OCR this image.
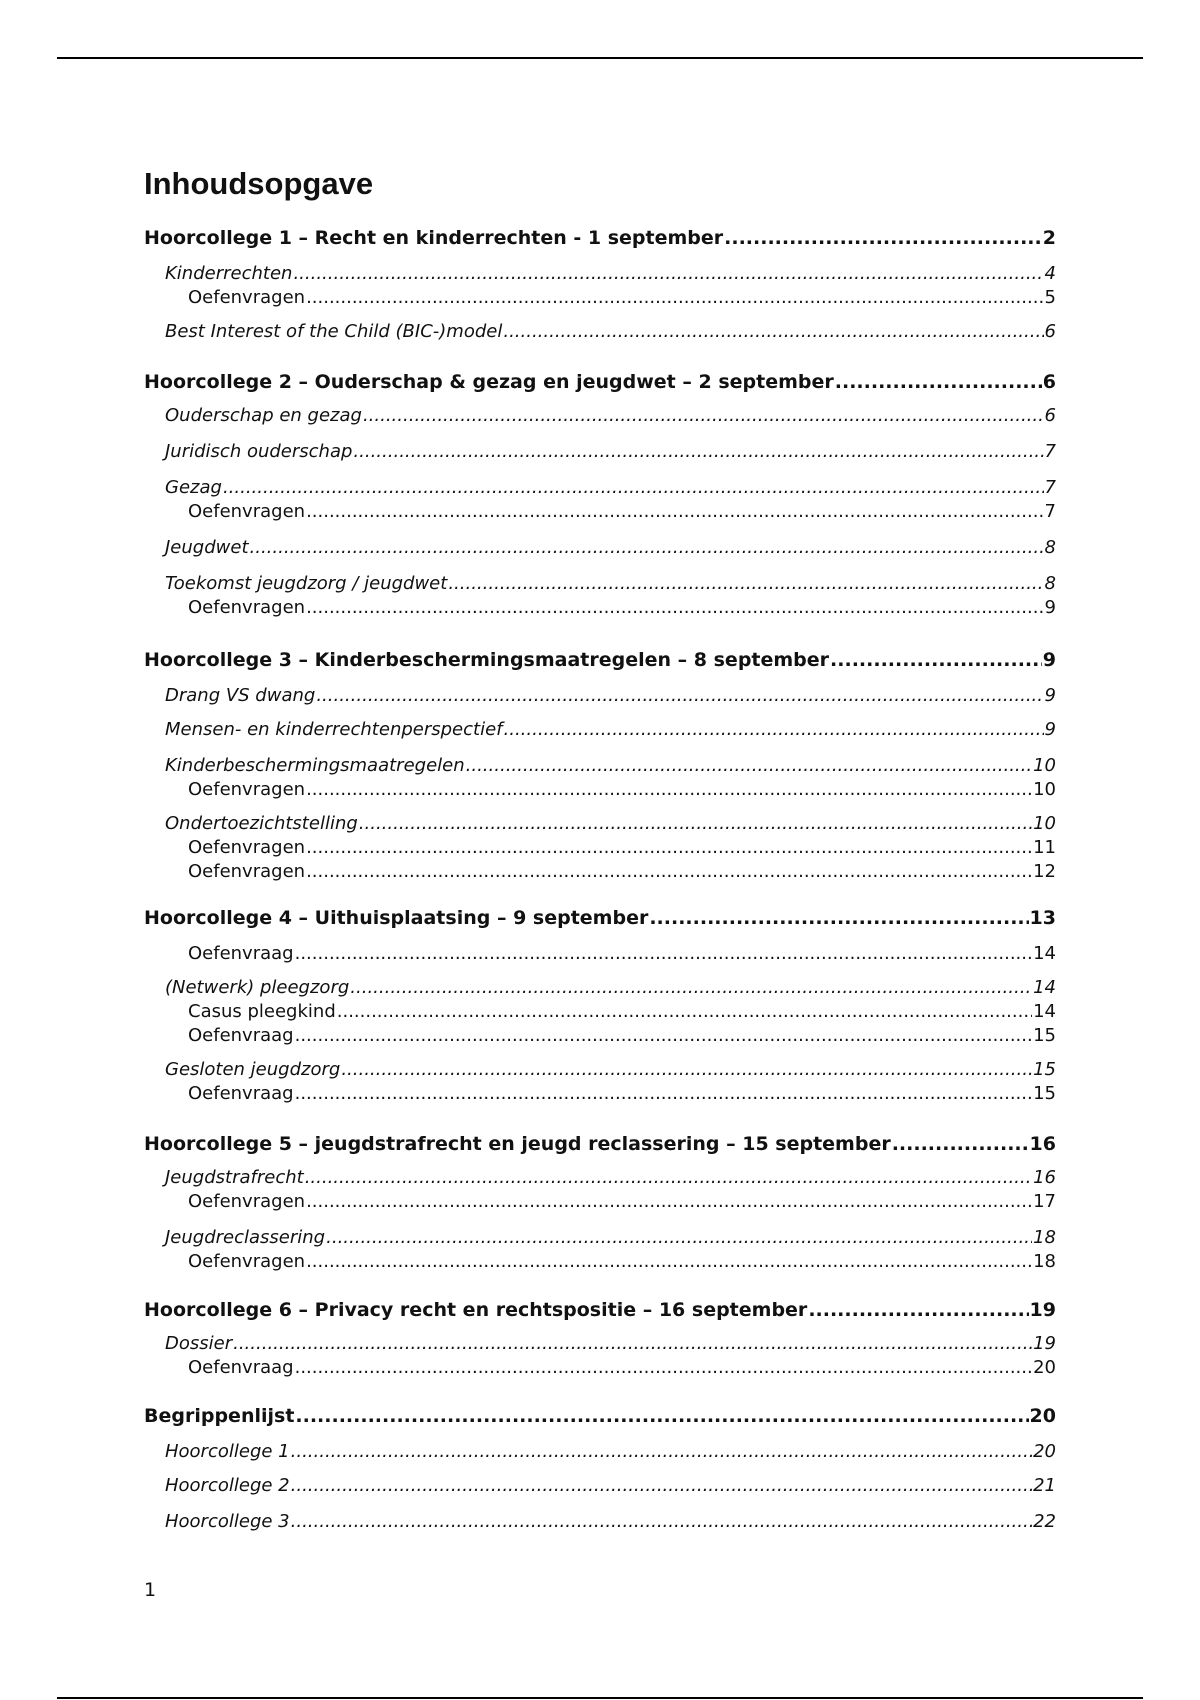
Inhoudsopgave
Hoorcollege 1 – Recht en kinderrechten - 1 september .....	2
Kinderrechten .....	4
Oefenvragen .....	5
Best Interest of the Child (BIC-)model .....	6
Hoorcollege 2 – Ouderschap & gezag en jeugdwet – 2 september .....	6
Ouderschap en gezag .....	6
Juridisch ouderschap .....	7
Gezag .....	7
Oefenvragen .....	7
Jeugdwet .....	8
Toekomst jeugdzorg / jeugdwet .....	8
Oefenvragen .....	9
Hoorcollege 3 – Kinderbeschermingsmaatregelen – 8 september .....	9
Drang VS dwang .....	9
Mensen- en kinderrechtenperspectief .....	9
Kinderbeschermingsmaatregelen .....	10
Oefenvragen .....	10
Ondertoezichtstelling .....	10
Oefenvragen .....	11
Oefenvragen .....	12
Hoorcollege 4 – Uithuisplaatsing – 9 september .....	13
Oefenvraag .....	14
(Netwerk) pleegzorg .....	14
Casus pleegkind .....	14
Oefenvraag .....	15
Gesloten jeugdzorg .....	15
Oefenvraag .....	15
Hoorcollege 5 – jeugdstrafrecht en jeugd reclassering – 15 september .....	16
Jeugdstrafrecht .....	16
Oefenvragen .....	17
Jeugdreclassering .....	18
Oefenvragen .....	18
Hoorcollege 6 – Privacy recht en rechtspositie – 16 september .....	19
Dossier .....	19
Oefenvraag .....	20
Begrippenlijst .....	20
Hoorcollege 1 .....	20
Hoorcollege 2 .....	21
Hoorcollege 3 .....	22
1
